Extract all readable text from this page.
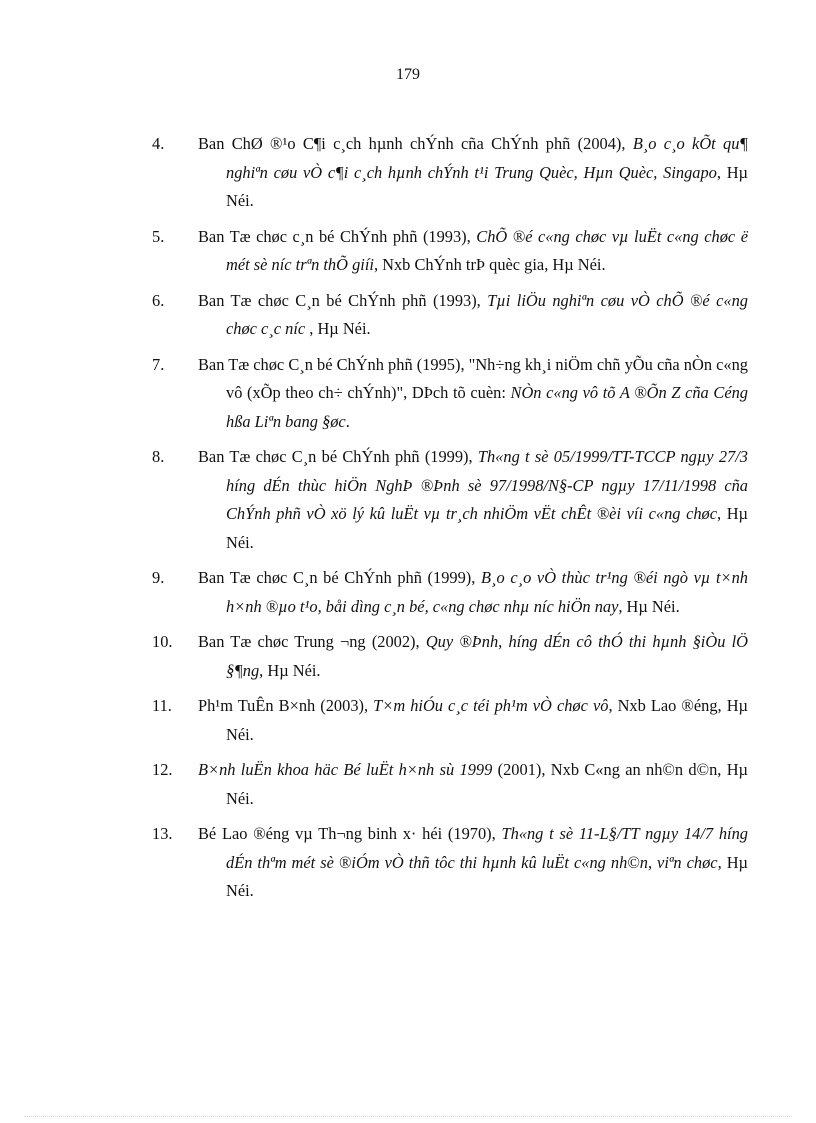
179
4.	Ban ChØ ®¹o C¶i c¸ch hµnh chÝnh cña ChÝnh phñ (2004), B¸o c¸o kÕt qu¶ nghiªn cøu vÒ c¶i c¸ch hµnh chÝnh t¹i Trung Quèc, Hµn Quèc, Singapo, Hµ Néi.
5.	Ban Tæ chøc c¸n bé ChÝnh phñ (1993), ChÕ ®é c«ng chøc vµ luËt c«ng chøc ë mét sè níc trªn thÕ giíi, Nxb ChÝnh trÞ quèc gia, Hµ Néi.
6.	Ban Tæ chøc C¸n bé ChÝnh phñ (1993), Tµi liÖu nghiªn cøu vÒ chÕ ®é c«ng chøc c¸c níc , Hµ Néi.
7.	Ban Tæ chøc C¸n bé ChÝnh phñ (1995), "Nh÷ng kh¸i niÖm chñ yÕu cña nÒn c«ng vô (xÕp theo ch÷ chÝnh)", DÞch tõ cuèn: NÒn c«ng vô tõ A ®Õn Z cña Céng hßa Liªn bang §øc.
8.	Ban Tæ chøc C¸n bé ChÝnh phñ (1999), Th«ng t sè 05/1999/TT-TCCP ngµy 27/3 híng dÉn thùc hiÖn NghÞ ®Þnh sè 97/1998/N§-CP ngµy 17/11/1998 cña ChÝnh phñ vÒ xö lý kû luËt vµ tr¸ch nhiÖm vËt chÊt ®èi víi c«ng chøc, Hµ Néi.
9.	Ban Tæ chøc C¸n bé ChÝnh phñ (1999), B¸o c¸o vÒ thùc tr¹ng ®éi ngò vµ t×nh h×nh ®µo t¹o, båi dìng c¸n bé, c«ng chøc nhµ níc hiÖn nay, Hµ Néi.
10.	Ban Tæ chøc Trung ¬ng (2002), Quy ®Þnh, híng dÉn cô thÓ thi hµnh §iÒu lÖ §¶ng, Hµ Néi.
11.	Ph¹m TuÊn B×nh (2003), T×m hiÓu c¸c téi ph¹m vÒ chøc vô, Nxb Lao ®éng, Hµ Néi.
12.	B×nh luËn khoa häc Bé luËt h×nh sù 1999 (2001), Nxb C«ng an nh©n d©n, Hµ Néi.
13.	Bé Lao ®éng vµ Th¬ng binh x· héi (1970), Th«ng t sè 11-L§/TT ngµy 14/7 híng dÉn thªm mét sè ®iÓm vÒ thñ tôc thi hµnh kû luËt c«ng nh©n, viªn chøc, Hµ Néi.
